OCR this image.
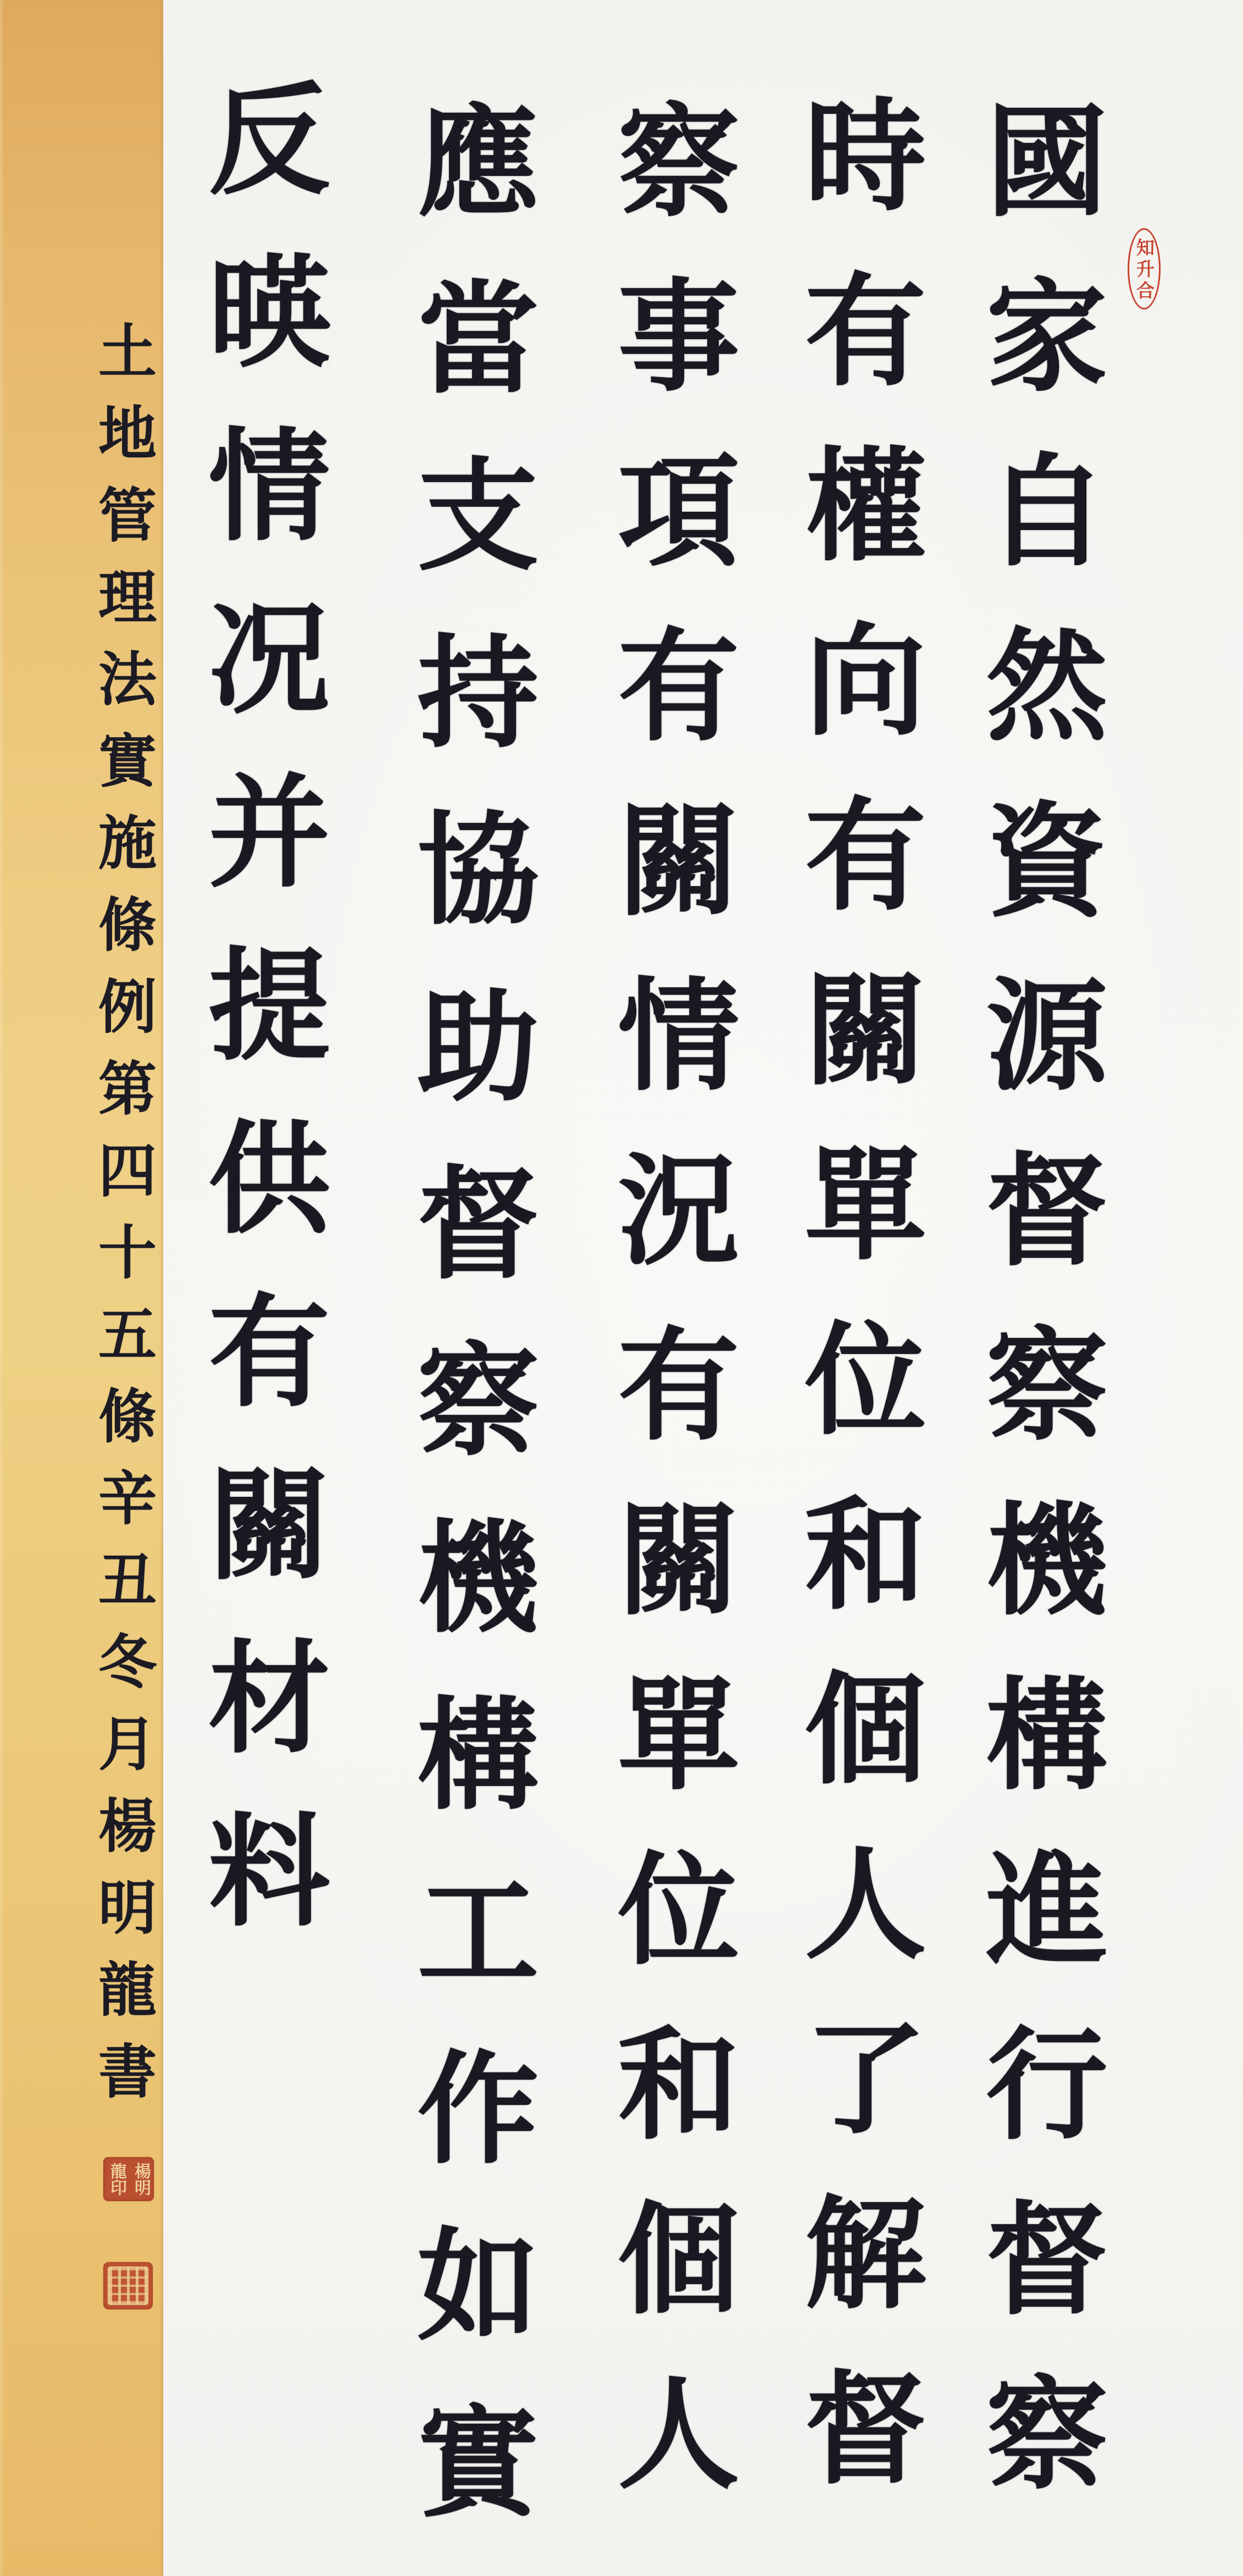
國
家
自
然
資
源
督
察
機
構
進
行
督
察
時
有
權
向
有
關
單
位
和
個
人
了
解
督
察
事
項
有
關
情
況
有
關
單
位
和
個
人
應
當
支
持
協
助
督
察
機
構
工
作
如
實
反
暎
情
况
并
提
供
有
關
材
料
土
地
管
理
法
實
施
條
例
第
四
十
五
條
辛
丑
冬
月
楊
明
龍
書
知升合
楊明龍印
